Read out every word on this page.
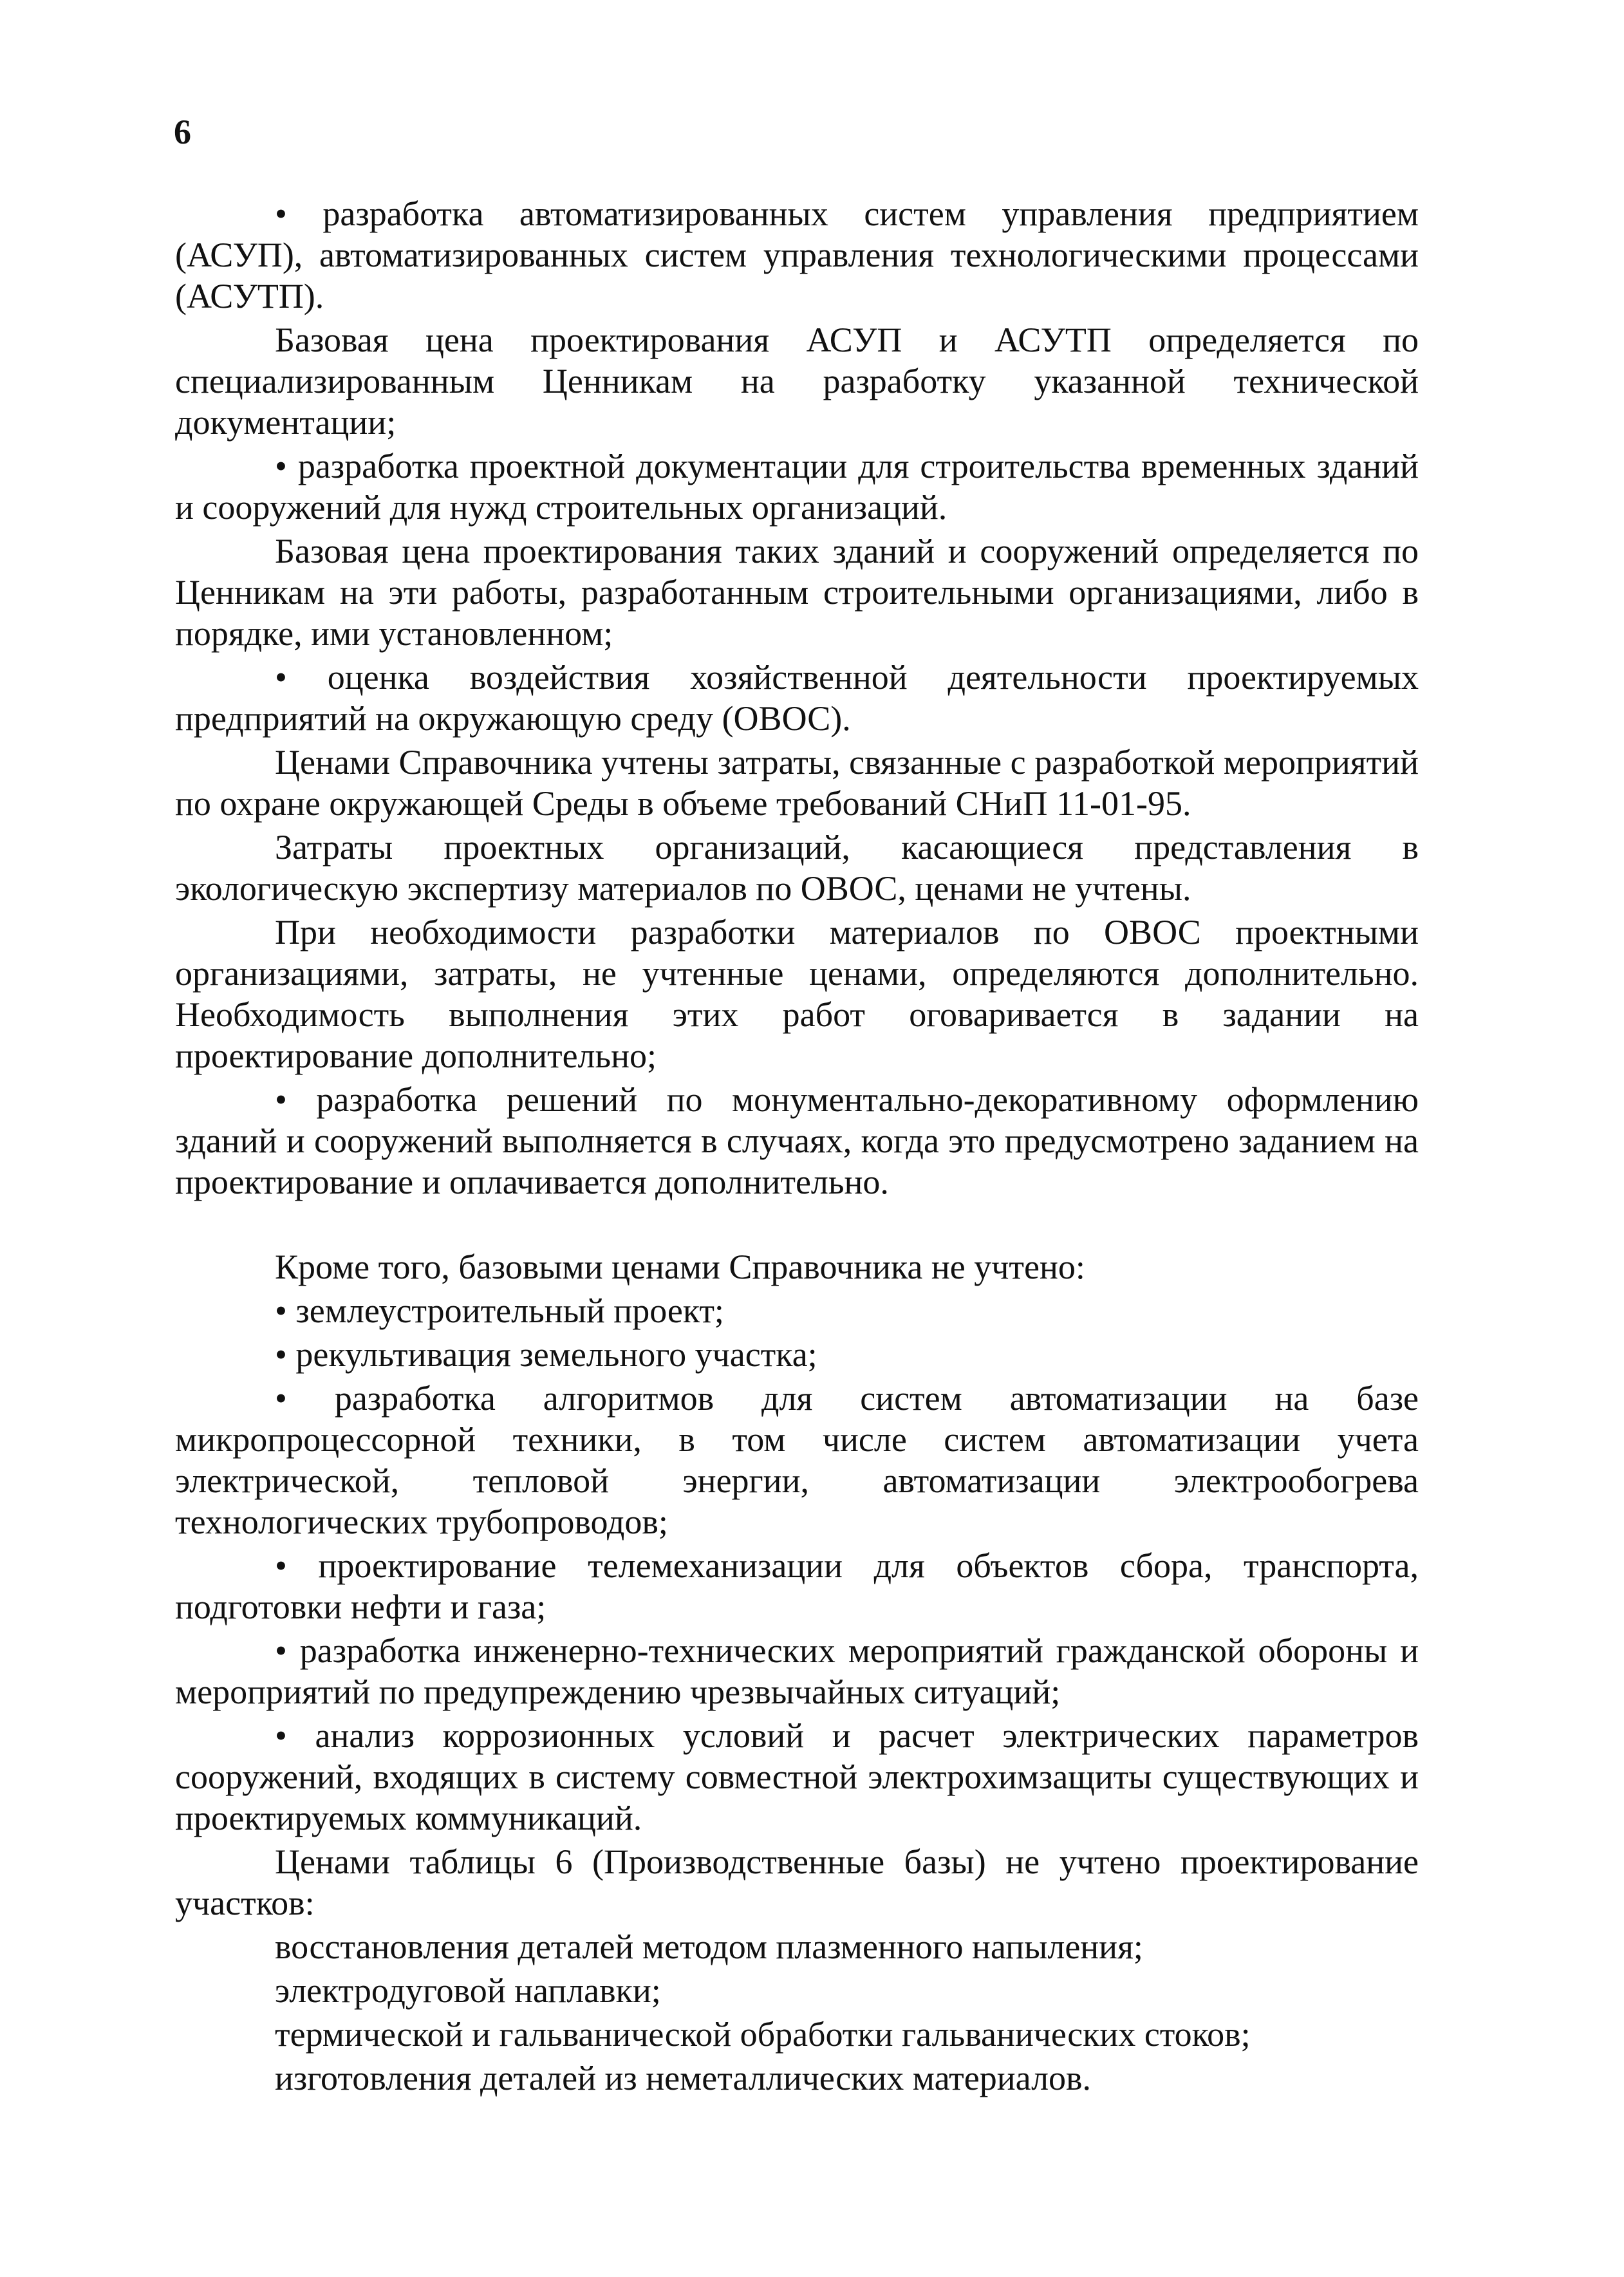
6

• разработка автоматизированных систем управления предприятием (АСУП), автоматизированных систем управления технологическими процессами (АСУТП).

Базовая цена проектирования АСУП и АСУТП определяется по специализированным Ценникам на разработку указанной технической документации;

• разработка проектной документации для строительства временных зданий и сооружений для нужд строительных организаций.

Базовая цена проектирования таких зданий и сооружений определяется по Ценникам на эти работы, разработанным строительными организациями, либо в порядке, ими установленном;

• оценка воздействия хозяйственной деятельности проектируемых предприятий на окружающую среду (ОВОС).

Ценами Справочника учтены затраты, связанные с разработкой мероприятий по охране окружающей Среды в объеме требований СНиП 11-01-95.

Затраты проектных организаций, касающиеся представления в экологическую экспертизу материалов по ОВОС, ценами не учтены.

При необходимости разработки материалов по ОВОС проектными организациями, затраты, не учтенные ценами, определяются дополнительно. Необходимость выполнения этих работ оговаривается в задании на проектирование дополнительно;

• разработка решений по монументально-декоративному оформлению зданий и сооружений выполняется в случаях, когда это предусмотрено заданием на проектирование и оплачивается дополнительно.

Кроме того, базовыми ценами Справочника не учтено:

• землеустроительный проект;

• рекультивация земельного участка;

• разработка алгоритмов для систем автоматизации на базе микропроцессорной техники, в том числе систем автоматизации учета электрической, тепловой энергии, автоматизации электрообогрева технологических трубопроводов;

• проектирование телемеханизации для объектов сбора, транспорта, подготовки нефти и газа;

• разработка инженерно-технических мероприятий гражданской обороны и мероприятий по предупреждению чрезвычайных ситуаций;

• анализ коррозионных условий и расчет электрических параметров сооружений, входящих в систему совместной электрохимзащиты существующих и проектируемых коммуникаций.

Ценами таблицы 6 (Производственные базы) не учтено проектирование участков:

восстановления деталей методом плазменного напыления;
электродуговой наплавки;
термической и гальванической обработки гальванических стоков;
изготовления деталей из неметаллических материалов.
